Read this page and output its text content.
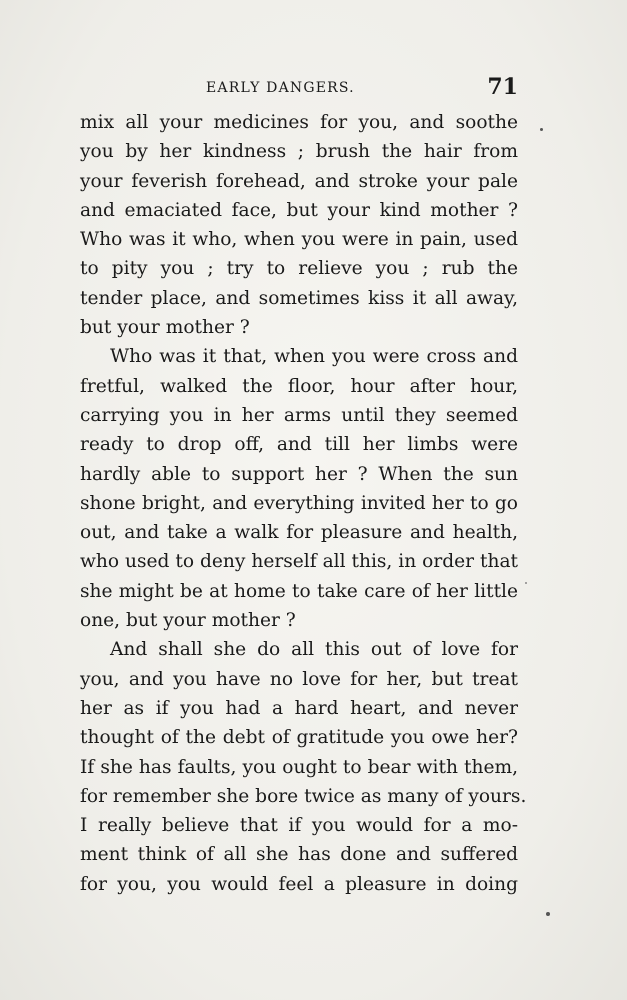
EARLY DANGERS.	71

mix all your medicines for you, and soothe
you by her kindness ; brush the hair from
your feverish forehead, and stroke your pale
and emaciated face, but your kind mother ?
Who was it who, when you were in pain, used
to pity you ; try to relieve you ; rub the
tender place, and sometimes kiss it all away,
but your mother ?

Who was it that, when you were cross and
fretful, walked the floor, hour after hour,
carrying you in her arms until they seemed
ready to drop off, and till her limbs were
hardly able to support her ? When the sun
shone bright, and everything invited her to go
out, and take a walk for pleasure and health,
who used to deny herself all this, in order that
she might be at home to take care of her little
one, but your mother ?

And shall she do all this out of love for
you, and you have no love for her, but treat
her as if you had a hard heart, and never
thought of the debt of gratitude you owe her?
If she has faults, you ought to bear with them,
for remember she bore twice as many of yours.
I really believe that if you would for a mo-
ment think of all she has done and suffered
for you, you would feel a pleasure in doing
